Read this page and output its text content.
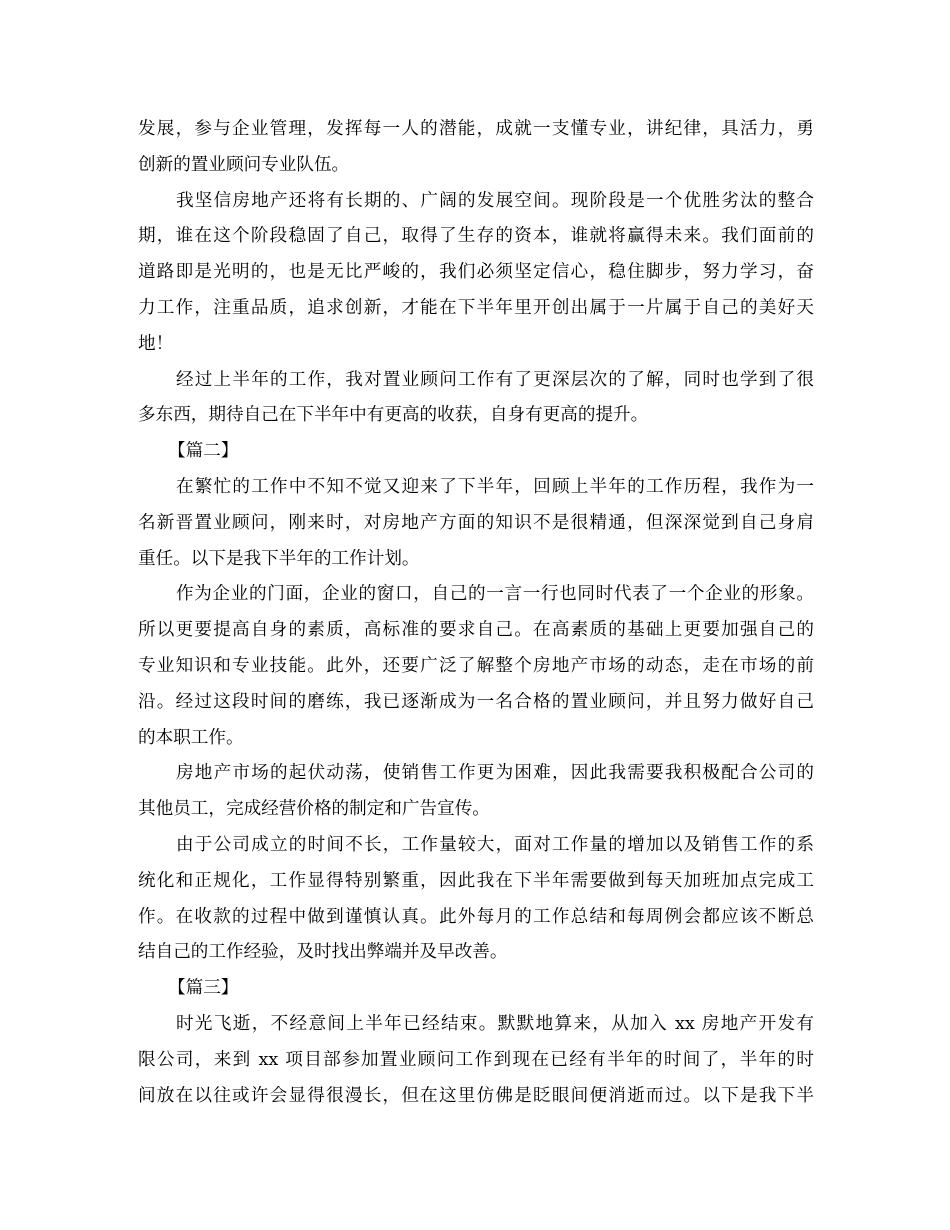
发展，参与企业管理，发挥每一人的潜能，成就一支懂专业，讲纪律，具活力，勇
创新的置业顾问专业队伍。
我坚信房地产还将有长期的、广阔的发展空间。现阶段是一个优胜劣汰的整合
期，谁在这个阶段稳固了自己，取得了生存的资本，谁就将赢得未来。我们面前的
道路即是光明的，也是无比严峻的，我们必须坚定信心，稳住脚步，努力学习，奋
力工作，注重品质，追求创新，才能在下半年里开创出属于一片属于自己的美好天
地！
经过上半年的工作，我对置业顾问工作有了更深层次的了解，同时也学到了很
多东西，期待自己在下半年中有更高的收获，自身有更高的提升。
【篇二】
在繁忙的工作中不知不觉又迎来了下半年，回顾上半年的工作历程，我作为一
名新晋置业顾问，刚来时，对房地产方面的知识不是很精通，但深深觉到自己身肩
重任。以下是我下半年的工作计划。
作为企业的门面，企业的窗口，自己的一言一行也同时代表了一个企业的形象。
所以更要提高自身的素质，高标准的要求自己。在高素质的基础上更要加强自己的
专业知识和专业技能。此外，还要广泛了解整个房地产市场的动态，走在市场的前
沿。经过这段时间的磨练，我已逐渐成为一名合格的置业顾问，并且努力做好自己
的本职工作。
房地产市场的起伏动荡，使销售工作更为困难，因此我需要我积极配合公司的
其他员工，完成经营价格的制定和广告宣传。
由于公司成立的时间不长，工作量较大，面对工作量的增加以及销售工作的系
统化和正规化，工作显得特别繁重，因此我在下半年需要做到每天加班加点完成工
作。在收款的过程中做到谨慎认真。此外每月的工作总结和每周例会都应该不断总
结自己的工作经验，及时找出弊端并及早改善。
【篇三】
时光飞逝，不经意间上半年已经结束。默默地算来，从加入 xx 房地产开发有
限公司，来到 xx 项目部参加置业顾问工作到现在已经有半年的时间了，半年的时
间放在以往或许会显得很漫长，但在这里仿佛是眨眼间便消逝而过。以下是我下半
